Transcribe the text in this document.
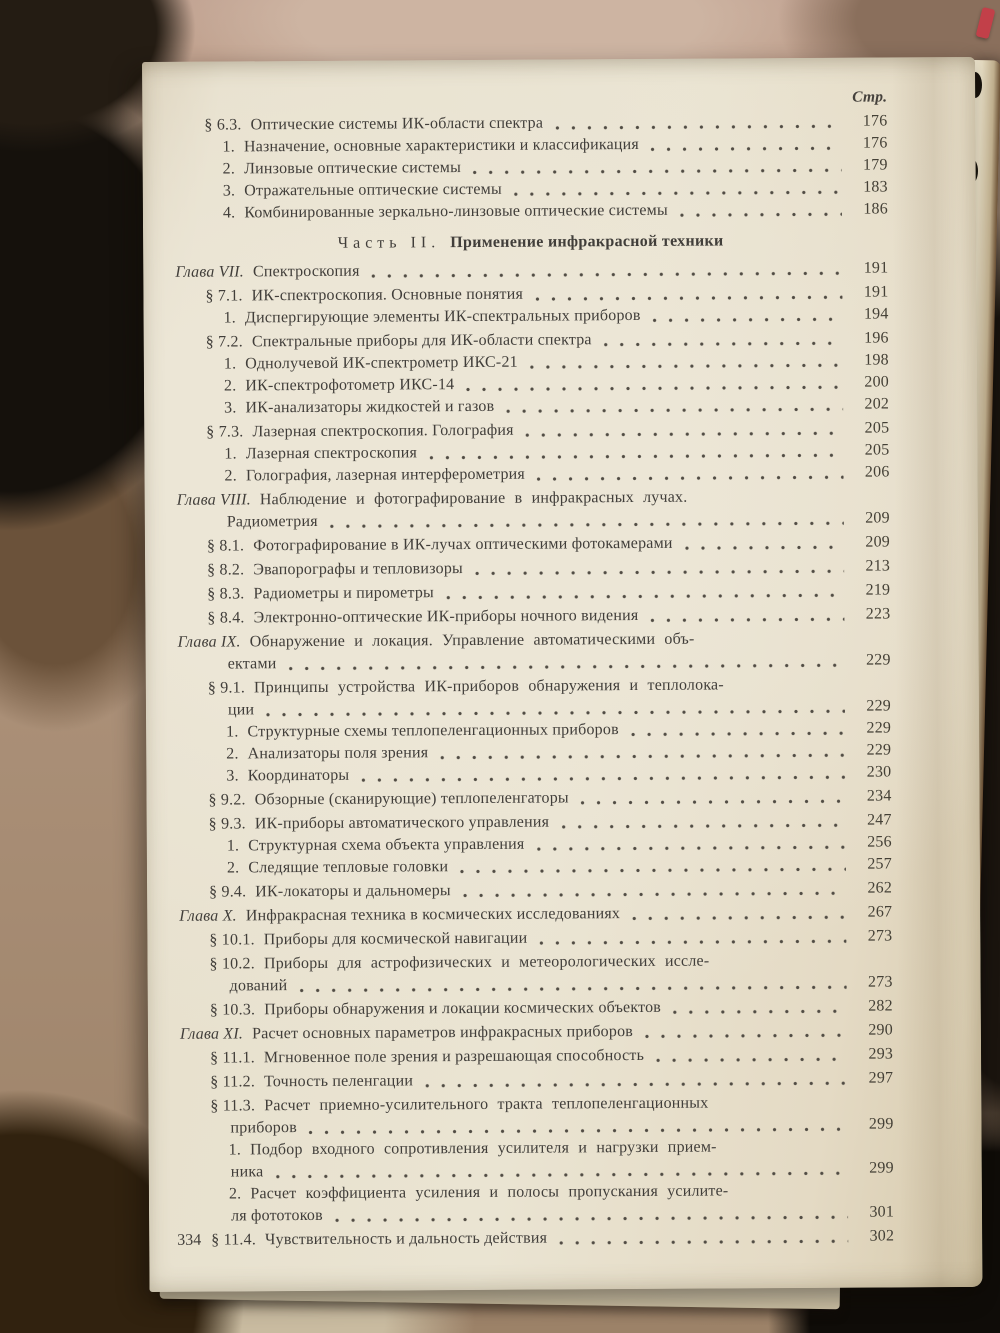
Стр.
§ 6.3. Оптические системы ИК-области спектра	176
1. Назначение, основные характеристики и классификация	176
2. Линзовые оптические системы	179
3. Отражательные оптические системы	183
4. Комбинированные зеркально-линзовые оптические системы	186
Часть II. Применение инфракрасной техники
Глава VII. Спектроскопия	191
§ 7.1. ИК-спектроскопия. Основные понятия	191
1. Диспергирующие элементы ИК-спектральных приборов	194
§ 7.2. Спектральные приборы для ИК-области спектра	196
1. Однолучевой ИК-спектрометр ИКС-21	198
2. ИК-спектрофотометр ИКС-14	200
3. ИК-анализаторы жидкостей и газов	202
§ 7.3. Лазерная спектроскопия. Голография	205
1. Лазерная спектроскопия	205
2. Голография, лазерная интерферометрия	206
Глава VIII. Наблюдение и фотографирование в инфракрасных лучах.
Радиометрия	209
§ 8.1. Фотографирование в ИК-лучах оптическими фотокамерами	209
§ 8.2. Эвапорографы и тепловизоры	213
§ 8.3. Радиометры и пирометры	219
§ 8.4. Электронно-оптические ИК-приборы ночного видения	223
Глава IX. Обнаружение и локация. Управление автоматическими объ-
ектами	229
§ 9.1. Принципы устройства ИК-приборов обнаружения и теплолока-
ции	229
1. Структурные схемы теплопеленгационных приборов	229
2. Анализаторы поля зрения	229
3. Координаторы	230
§ 9.2. Обзорные (сканирующие) теплопеленгаторы	234
§ 9.3. ИК-приборы автоматического управления	247
1. Структурная схема объекта управления	256
2. Следящие тепловые головки	257
§ 9.4. ИК-локаторы и дальномеры	262
Глава X. Инфракрасная техника в космических исследованиях	267
§ 10.1. Приборы для космической навигации	273
§ 10.2. Приборы для астрофизических и метеорологических иссле-
дований	273
§ 10.3. Приборы обнаружения и локации космических объектов	282
Глава XI. Расчет основных параметров инфракрасных приборов	290
§ 11.1. Мгновенное поле зрения и разрешающая способность	293
§ 11.2. Точность пеленгации	297
§ 11.3. Расчет приемно-усилительного тракта теплопеленгационных
приборов	299
1. Подбор входного сопротивления усилителя и нагрузки прием-
ника	299
2. Расчет коэффициента усиления и полосы пропускания усилите-
ля фототоков	301
§ 11.4. Чувствительность и дальность действия	302
334
